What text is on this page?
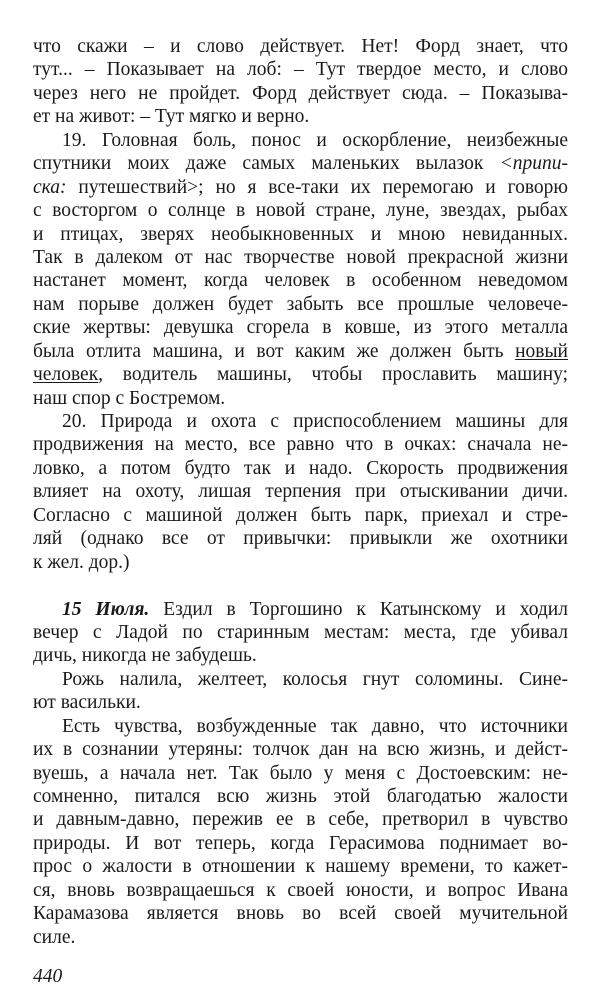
что скажи – и слово действует. Нет! Форд знает, что
тут... – Показывает на лоб: – Тут твердое место, и слово
через него не пройдет. Форд действует сюда. – Показыва-
ет на живот: – Тут мягко и верно.
19. Головная боль, понос и оскорбление, неизбежные
спутники моих даже самых маленьких вылазок <припи-
ска: путешествий>; но я все-таки их перемогаю и говорю
с восторгом о солнце в новой стране, луне, звездах, рыбах
и птицах, зверях необыкновенных и мною невиданных.
Так в далеком от нас творчестве новой прекрасной жизни
настанет момент, когда человек в особенном неведомом
нам порыве должен будет забыть все прошлые человече-
ские жертвы: девушка сгорела в ковше, из этого металла
была отлита машина, и вот каким же должен быть новый
человек, водитель машины, чтобы прославить машину;
наш спор с Бостремом.
20. Природа и охота с приспособлением машины для
продвижения на место, все равно что в очках: сначала не-
ловко, а потом будто так и надо. Скорость продвижения
влияет на охоту, лишая терпения при отыскивании дичи.
Согласно с машиной должен быть парк, приехал и стре-
ляй (однако все от привычки: привыкли же охотники
к жел. дор.)
15 Июля. Ездил в Торгошино к Катынскому и ходил
вечер с Ладой по старинным местам: места, где убивал
дичь, никогда не забудешь.
Рожь налила, желтеет, колосья гнут соломины. Сине-
ют васильки.
Есть чувства, возбужденные так давно, что источники
их в сознании утеряны: толчок дан на всю жизнь, и дейст-
вуешь, а начала нет. Так было у меня с Достоевским: не-
сомненно, питался всю жизнь этой благодатью жалости
и давным-давно, пережив ее в себе, претворил в чувство
природы. И вот теперь, когда Герасимова поднимает во-
прос о жалости в отношении к нашему времени, то кажет-
ся, вновь возвращаешься к своей юности, и вопрос Ивана
Карамазова является вновь во всей своей мучительной
силе.
440
